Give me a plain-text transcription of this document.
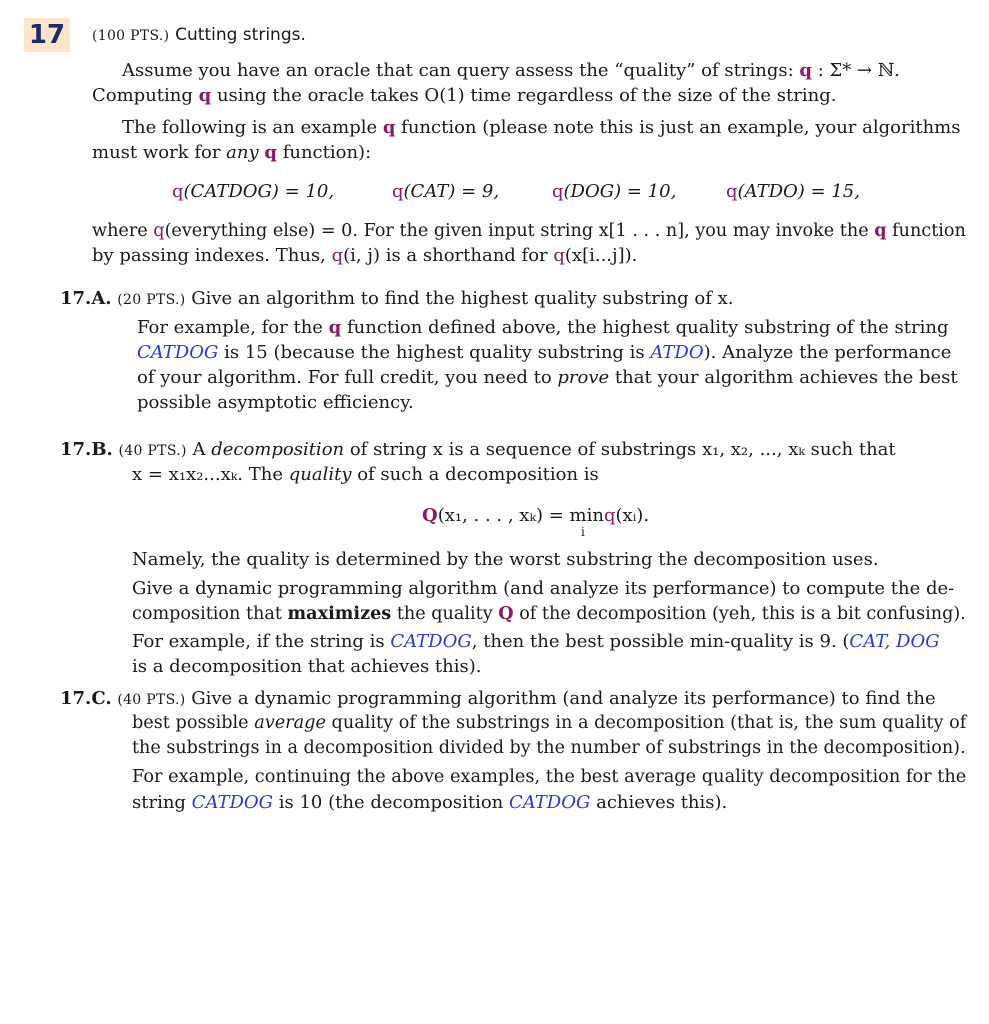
17	(100 PTS.) Cutting strings.
Assume you have an oracle that can query assess the “quality” of strings: q : Σ* → ℕ.
Computing q using the oracle takes O(1) time regardless of the size of the string.
The following is an example q function (please note this is just an example, your algorithms
must work for any q function):
q(CATDOG) = 10,	q(CAT) = 9,	q(DOG) = 10,	q(ATDO) = 15,
where q(everything else) = 0. For the given input string x[1 . . . n], you may invoke the q function
by passing indexes. Thus, q(i, j) is a shorthand for q(x[i...j]).
17.A. (20 PTS.) Give an algorithm to find the highest quality substring of x.
For example, for the q function defined above, the highest quality substring of the string
CATDOG is 15 (because the highest quality substring is ATDO). Analyze the performance
of your algorithm. For full credit, you need to prove that your algorithm achieves the best
possible asymptotic efficiency.
17.B. (40 PTS.) A decomposition of string x is a sequence of substrings x₁, x₂, ..., xₖ such that
x = x₁x₂...xₖ. The quality of such a decomposition is
Q(x₁, . . . , xₖ) = minq(xᵢ).
i
Namely, the quality is determined by the worst substring the decomposition uses.
Give a dynamic programming algorithm (and analyze its performance) to compute the de-
composition that maximizes the quality Q of the decomposition (yeh, this is a bit confusing).
For example, if the string is CATDOG, then the best possible min-quality is 9. (CAT, DOG
is a decomposition that achieves this).
17.C. (40 PTS.) Give a dynamic programming algorithm (and analyze its performance) to find the
best possible average quality of the substrings in a decomposition (that is, the sum quality of
the substrings in a decomposition divided by the number of substrings in the decomposition).
For example, continuing the above examples, the best average quality decomposition for the
string CATDOG is 10 (the decomposition CATDOG achieves this).
